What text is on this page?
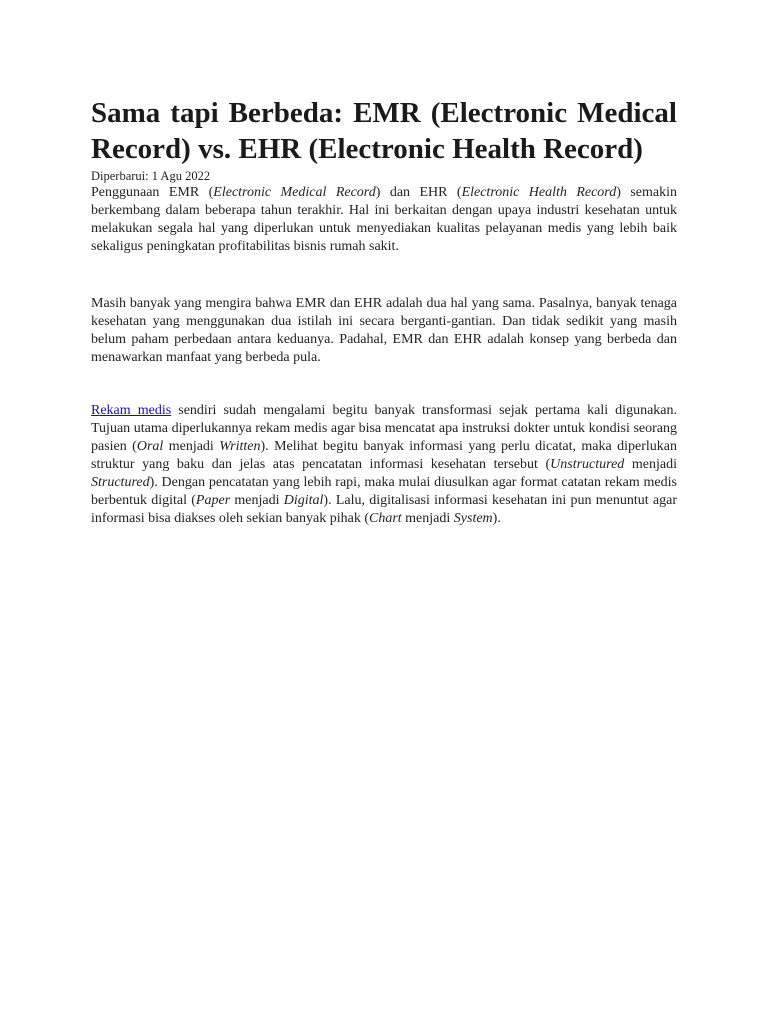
Sama tapi Berbeda: EMR (Electronic Medical Record) vs. EHR (Electronic Health Record)
Diperbarui: 1 Agu 2022

Penggunaan EMR (Electronic Medical Record) dan EHR (Electronic Health Record) semakin berkembang dalam beberapa tahun terakhir. Hal ini berkaitan dengan upaya industri kesehatan untuk melakukan segala hal yang diperlukan untuk menyediakan kualitas pelayanan medis yang lebih baik sekaligus peningkatan profitabilitas bisnis rumah sakit.

Masih banyak yang mengira bahwa EMR dan EHR adalah dua hal yang sama. Pasalnya, banyak tenaga kesehatan yang menggunakan dua istilah ini secara berganti-gantian. Dan tidak sedikit yang masih belum paham perbedaan antara keduanya. Padahal, EMR dan EHR adalah konsep yang berbeda dan menawarkan manfaat yang berbeda pula.

Rekam medis sendiri sudah mengalami begitu banyak transformasi sejak pertama kali digunakan. Tujuan utama diperlukannya rekam medis agar bisa mencatat apa instruksi dokter untuk kondisi seorang pasien (Oral menjadi Written). Melihat begitu banyak informasi yang perlu dicatat, maka diperlukan struktur yang baku dan jelas atas pencatatan informasi kesehatan tersebut (Unstructured menjadi Structured). Dengan pencatatan yang lebih rapi, maka mulai diusulkan agar format catatan rekam medis berbentuk digital (Paper menjadi Digital). Lalu, digitalisasi informasi kesehatan ini pun menuntut agar informasi bisa diakses oleh sekian banyak pihak (Chart menjadi System).
